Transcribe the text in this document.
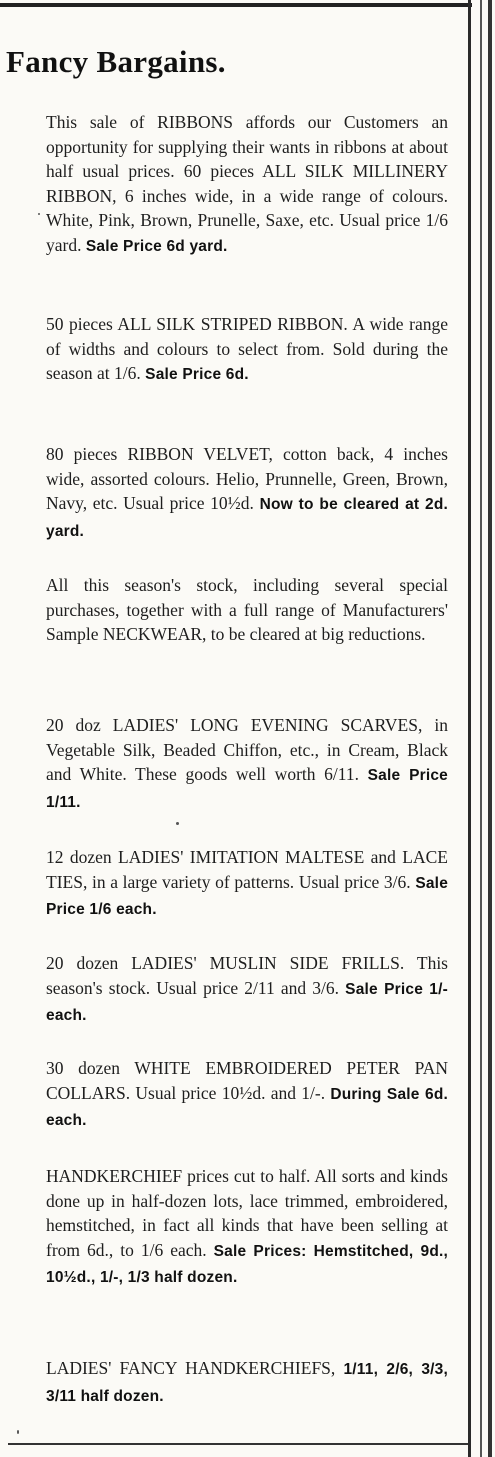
Fancy Bargains.

This sale of RIBBONS affords our Customers an opportunity for supplying their wants in ribbons at about half usual prices. 60 pieces ALL SILK MILLINERY RIBBON, 6 inches wide, in a wide range of colours. White, Pink, Brown, Prunelle, Saxe, etc. Usual price 1/6 yard. Sale Price 6d yard.

50 pieces ALL SILK STRIPED RIBBON. A wide range of widths and colours to select from. Sold during the season at 1/6. Sale Price 6d.

80 pieces RIBBON VELVET, cotton back, 4 inches wide, assorted colours. Helio, Prunnelle, Green, Brown, Navy, etc. Usual price 10½d. Now to be cleared at 2d. yard.

All this season's stock, including several special purchases, together with a full range of Manufacturers' Sample NECKWEAR, to be cleared at big reductions.

20 doz LADIES' LONG EVENING SCARVES, in Vegetable Silk, Beaded Chiffon, etc., in Cream, Black and White. These goods well worth 6/11. Sale Price 1/11.

12 dozen LADIES' IMITATION MALTESE and LACE TIES, in a large variety of patterns. Usual price 3/6. Sale Price 1/6 each.

20 dozen LADIES' MUSLIN SIDE FRILLS. This season's stock. Usual price 2/11 and 3/6. Sale Price 1/- each.

30 dozen WHITE EMBROIDERED PETER PAN COLLARS. Usual price 10½d. and 1/-. During Sale 6d. each.

HANDKERCHIEF prices cut to half. All sorts and kinds done up in half-dozen lots, lace trimmed, embroidered, hemstitched, in fact all kinds that have been selling at from 6d., to 1/6 each. Sale Prices: Hemstitched, 9d., 10½d., 1/-, 1/3 half dozen.

LADIES' FANCY HANDKERCHIEFS, 1/11, 2/6, 3/3, 3/11 half dozen.
